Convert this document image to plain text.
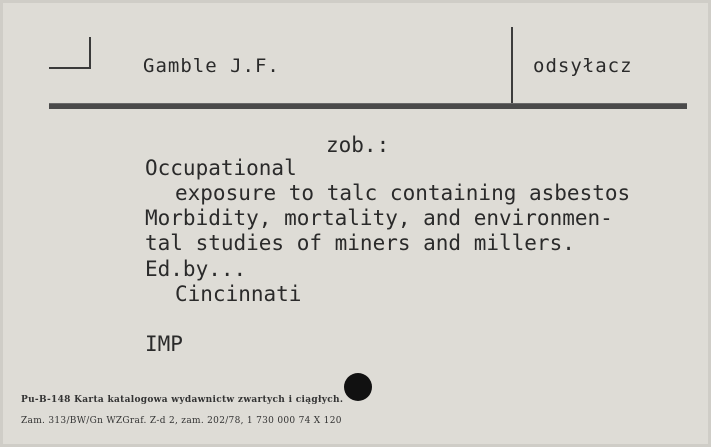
Gamble J.F.	odsyłacz
zob.:
Occupational
exposure to talc containing asbestos
Morbidity, mortality, and environmen-
tal studies of miners and millers.
Ed.by...
Cincinnati
IMP
Pu-B-148 Karta katalogowa wydawnictw zwartych i ciągłych.
Zam. 313/BW/Gn WZGraf. Z-d 2, zam. 202/78, 1 730 000 74 X 120
